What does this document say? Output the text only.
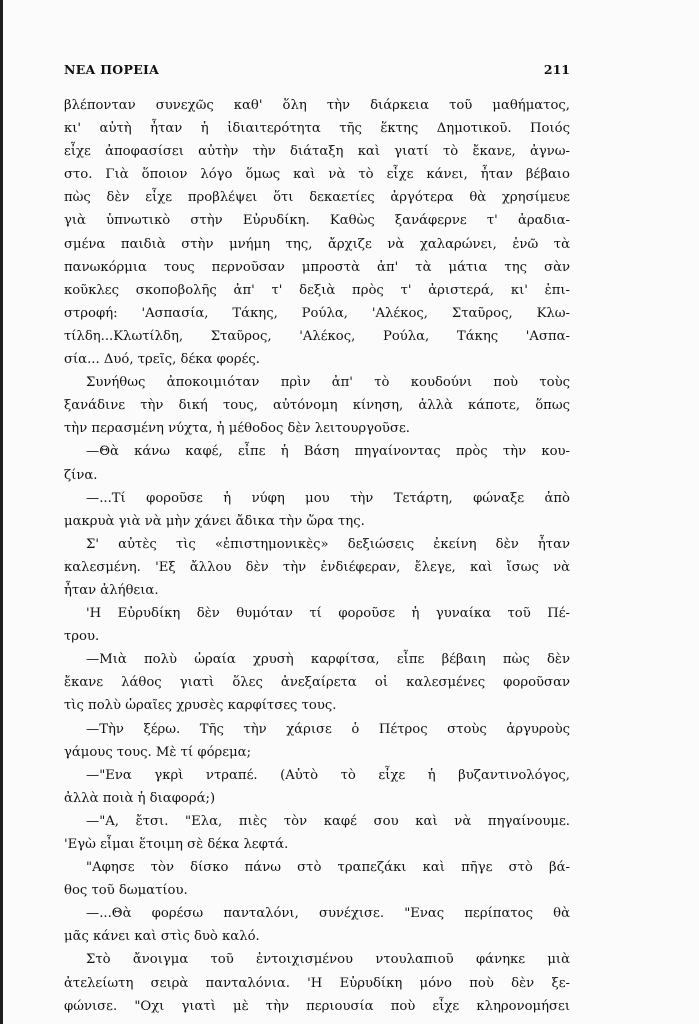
ΝΕΑ ΠΟΡΕΙΑ	211
βλέπονταν συνεχῶς καθ' ὅλη τὴν διάρκεια τοῦ μαθήματος,
κι' αὐτὴ ἦταν ἡ ἰδιαιτερότητα τῆς ἕκτης Δημοτικοῦ. Ποιός
εἶχε ἀποφασίσει αὐτὴν τὴν διάταξη καὶ γιατί τὸ ἔκανε, ἀγνω-
στο. Γιὰ ὅποιον λόγο ὅμως καὶ νὰ τὸ εἶχε κάνει, ἦταν βέβαιο
πὼς δὲν εἶχε προβλέψει ὅτι δεκαετίες ἀργότερα θὰ χρησίμευε
γιὰ ὑπνωτικὸ στὴν Εὐρυδίκη. Καθὼς ξανάφερνε τ' ἀραδια-
σμένα παιδιὰ στὴν μνήμη της, ἄρχιζε νὰ χαλαρώνει, ἐνῶ τὰ
πανωκόρμια τους περνοῦσαν μπροστὰ ἀπ' τὰ μάτια της σὰν
κοῦκλες σκοποβολῆς ἀπ' τ' δεξιὰ πρὸς τ' ἀριστερά, κι' ἐπι-
στροφή: 'Ασπασία, Τάκης, Ρούλα, 'Αλέκος, Σταῦρος, Κλω-
τίλδη...Κλωτίλδη, Σταῦρος, 'Αλέκος, Ρούλα, Τάκης 'Ασπα-
σία... Δυό, τρεῖς, δέκα φορές.
Συνήθως ἀποκοιμιόταν πρὶν ἀπ' τὸ κουδούνι ποὺ τοὺς
ξανάδινε τὴν δική τους, αὐτόνομη κίνηση, ἀλλὰ κάποτε, ὅπως
τὴν περασμένη νύχτα, ἡ μέθοδος δὲν λειτουργοῦσε.
—Θὰ κάνω καφέ, εἶπε ἡ Βάση πηγαίνοντας πρὸς τὴν κου-
ζίνα.
—...Τί φοροῦσε ἡ νύφη μου τὴν Τετάρτη, φώναξε ἀπὸ
μακρυὰ γιὰ νὰ μὴν χάνει ἄδικα τὴν ὥρα της.
Σ' αὐτὲς τὶς «ἐπιστημονικὲς» δεξιώσεις ἐκείνη δὲν ἦταν
καλεσμένη. 'Εξ ἄλλου δὲν τὴν ἐνδιέφεραν, ἔλεγε, καὶ ἴσως νὰ
ἦταν ἀλήθεια.
'Η Εὐρυδίκη δὲν θυμόταν τί φοροῦσε ἡ γυναίκα τοῦ Πέ-
τρου.
—Μιὰ πολὺ ὡραία χρυσὴ καρφίτσα, εἶπε βέβαιη πὼς δὲν
ἔκανε λάθος γιατὶ ὅλες ἀνεξαίρετα οἱ καλεσμένες φοροῦσαν
τὶς πολὺ ὡραῖες χρυσὲς καρφίτσες τους.
—Τὴν ξέρω. Τῆς τὴν χάρισε ὁ Πέτρος στοὺς ἀργυροὺς
γάμους τους. Μὲ τί φόρεμα;
—"Ενα γκρὶ ντραπέ. (Αὐτὸ τὸ εἶχε ἡ βυζαντινολόγος,
ἀλλὰ ποιὰ ἡ διαφορά;)
—"Α, ἔτσι. "Ελα, πιὲς τὸν καφέ σου καὶ νὰ πηγαίνουμε.
'Εγὼ εἶμαι ἕτοιμη σὲ δέκα λεφτά.
"Αφησε τὸν δίσκο πάνω στὸ τραπεζάκι καὶ πῆγε στὸ βά-
θος τοῦ δωματίου.
—...Θὰ φορέσω πανταλόνι, συνέχισε. "Ενας περίπατος θὰ
μᾶς κάνει καὶ στὶς δυὸ καλό.
Στὸ ἄνοιγμα τοῦ ἐντοιχισμένου ντουλαπιοῦ φάνηκε μιὰ
ἀτελείωτη σειρὰ πανταλόνια. 'Η Εὐρυδίκη μόνο ποὺ δὲν ξε-
φώνισε. "Οχι γιατὶ μὲ τὴν περιουσία ποὺ εἶχε κληρονομήσει
